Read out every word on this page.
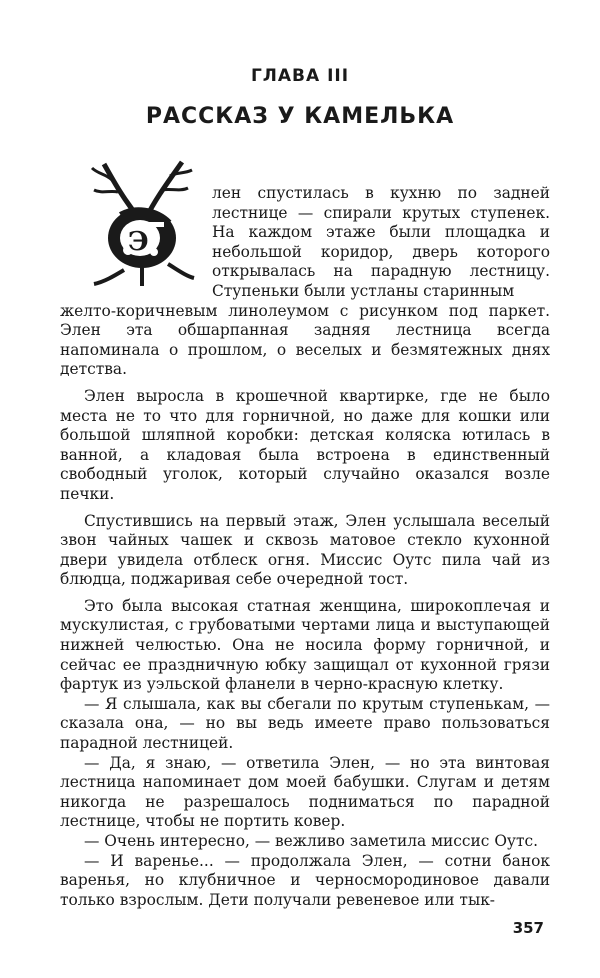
ГЛАВА III
РАССКАЗ У КАМЕЛЬКА
Э

лен спустилась в кухню по задней лестнице — спирали крутых ступенек. На каждом этаже были площадка и небольшой коридор, дверь которого открывалась на парадную лестницу. Ступеньки были устланы старинным
желто-коричневым линолеумом с рисунком под паркет. Элен эта обшарпанная задняя лестница всегда напоминала о прошлом, о веселых и безмятежных днях детства.

Элен выросла в крошечной квартирке, где не было места не то что для горничной, но даже для кошки или большой шляпной коробки: детская коляска ютилась в ванной, а кладовая была встроена в единственный свободный уголок, который случайно оказался возле печки.

Спустившись на первый этаж, Элен услышала веселый звон чайных чашек и сквозь матовое стекло кухонной двери увидела отблеск огня. Миссис Оутс пила чай из блюдца, поджаривая себе очередной тост.

Это была высокая статная женщина, широкоплечая и мускулистая, с грубоватыми чертами лица и выступающей нижней челюстью. Она не носила форму горничной, и сейчас ее праздничную юбку защищал от кухонной грязи фартук из уэльской фланели в черно-красную клетку.

— Я слышала, как вы сбегали по крутым ступенькам, — сказала она, — но вы ведь имеете право пользоваться парадной лестницей.

— Да, я знаю, — ответила Элен, — но эта винтовая лестница напоминает дом моей бабушки. Слугам и детям никогда не разрешалось подниматься по парадной лестнице, чтобы не портить ковер.

— Очень интересно, — вежливо заметила миссис Оутс.

— И варенье... — продолжала Элен, — сотни банок варенья, но клубничное и черносмородиновое давали только взрослым. Дети получали ревеневое или тык-

357
